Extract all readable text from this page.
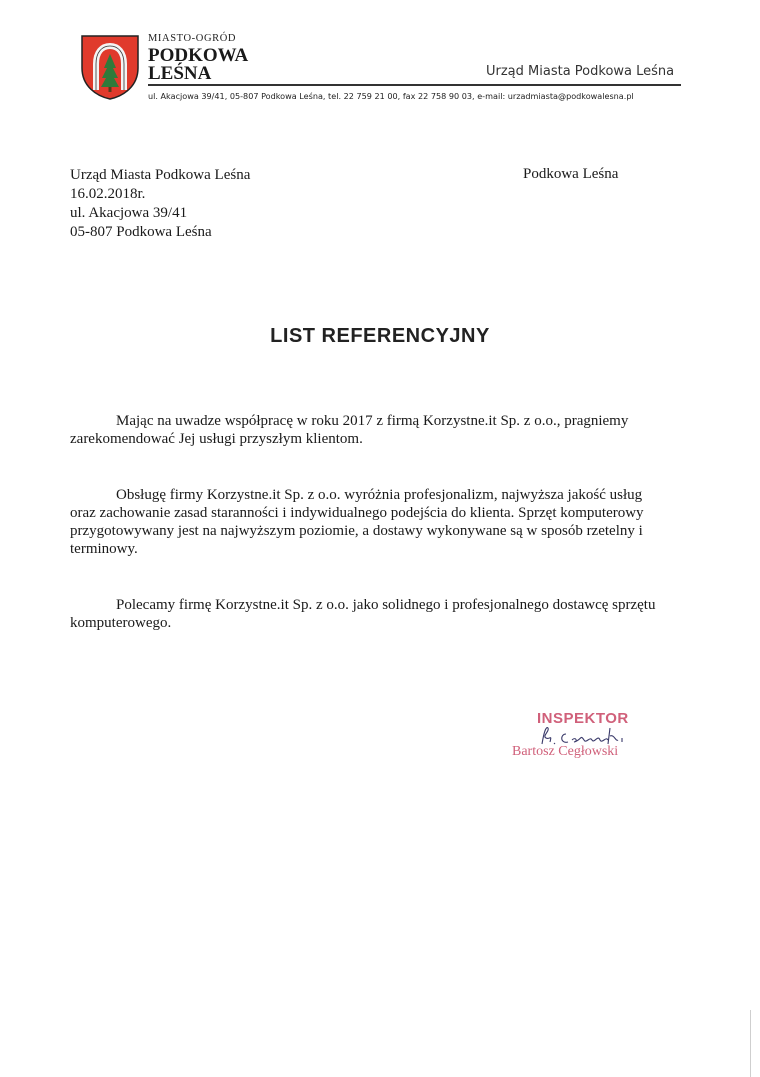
MIASTO-OGRÓD
PODKOWA
LEŚNA	Urząd Miasta Podkowa Leśna
ul. Akacjowa 39/41, 05-807 Podkowa Leśna, tel. 22 759 21 00, fax 22 758 90 03, e-mail: urzadmiasta@podkowalesna.pl
Urząd Miasta Podkowa Leśna
16.02.2018r.
ul. Akacjowa 39/41
05-807 Podkowa Leśna
Podkowa Leśna
LIST REFERENCYJNY
Mając na uwadze współpracę w roku 2017 z firmą Korzystne.it Sp. z o.o., pragniemy zarekomendować Jej usługi przyszłym klientom.
Obsługę firmy Korzystne.it Sp. z o.o. wyróżnia profesjonalizm, najwyższa jakość usług oraz zachowanie zasad staranności i indywidualnego podejścia do klienta. Sprzęt komputerowy przygotowywany jest na najwyższym poziomie, a dostawy wykonywane są w sposób rzetelny i terminowy.
Polecamy firmę Korzystne.it Sp. z o.o. jako solidnego i profesjonalnego dostawcę sprzętu komputerowego.
INSPEKTOR
Bartosz Cegłowski
